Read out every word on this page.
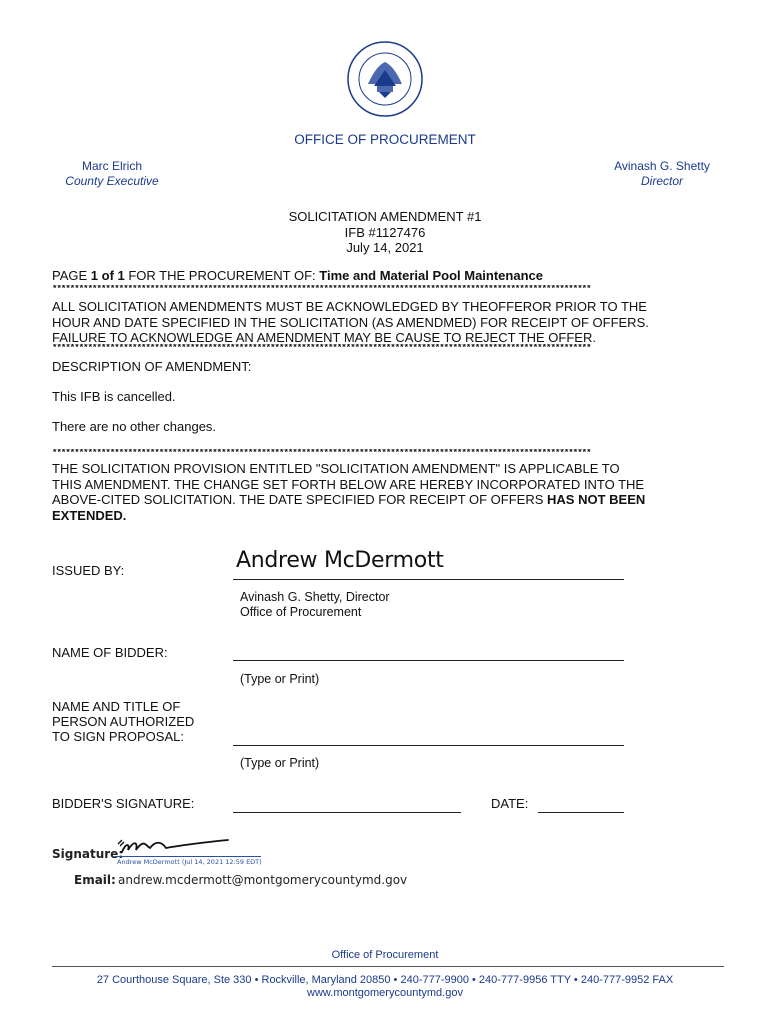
OFFICE OF PROCUREMENT
Marc Elrich
County Executive
Avinash G. Shetty
Director
SOLICITATION AMENDMENT #1
IFB #1127476
July 14, 2021
PAGE 1 of 1 FOR THE PROCUREMENT OF: Time and Material Pool Maintenance
*************************************************************************************************************************
ALL SOLICITATION AMENDMENTS MUST BE ACKNOWLEDGED BY THEOFFEROR PRIOR TO THE
HOUR AND DATE SPECIFIED IN THE SOLICITATION (AS AMENDMED) FOR RECEIPT OF OFFERS.
FAILURE TO ACKNOWLEDGE AN AMENDMENT MAY BE CAUSE TO REJECT THE OFFER.
*************************************************************************************************************************
DESCRIPTION OF AMENDMENT:
This IFB is cancelled.
There are no other changes.
*************************************************************************************************************************
THE SOLICITATION PROVISION ENTITLED "SOLICITATION AMENDMENT" IS APPLICABLE TO
THIS AMENDMENT. THE CHANGE SET FORTH BELOW ARE HEREBY INCORPORATED INTO THE
ABOVE-CITED SOLICITATION. THE DATE SPECIFIED FOR RECEIPT OF OFFERS HAS NOT BEEN
EXTENDED.
ISSUED BY:	Andrew McDermott
Avinash G. Shetty, Director
Office of Procurement
NAME OF BIDDER:
(Type or Print)
NAME AND TITLE OF
PERSON AUTHORIZED
TO SIGN PROPOSAL:
(Type or Print)
BIDDER'S SIGNATURE:	DATE:
Signature:
Andrew McDermott (Jul 14, 2021 12:59 EDT)
Email: andrew.mcdermott@montgomerycountymd.gov
Office of Procurement
27 Courthouse Square, Ste 330 • Rockville, Maryland 20850 • 240-777-9900 • 240-777-9956 TTY • 240-777-9952 FAX
www.montgomerycountymd.gov
